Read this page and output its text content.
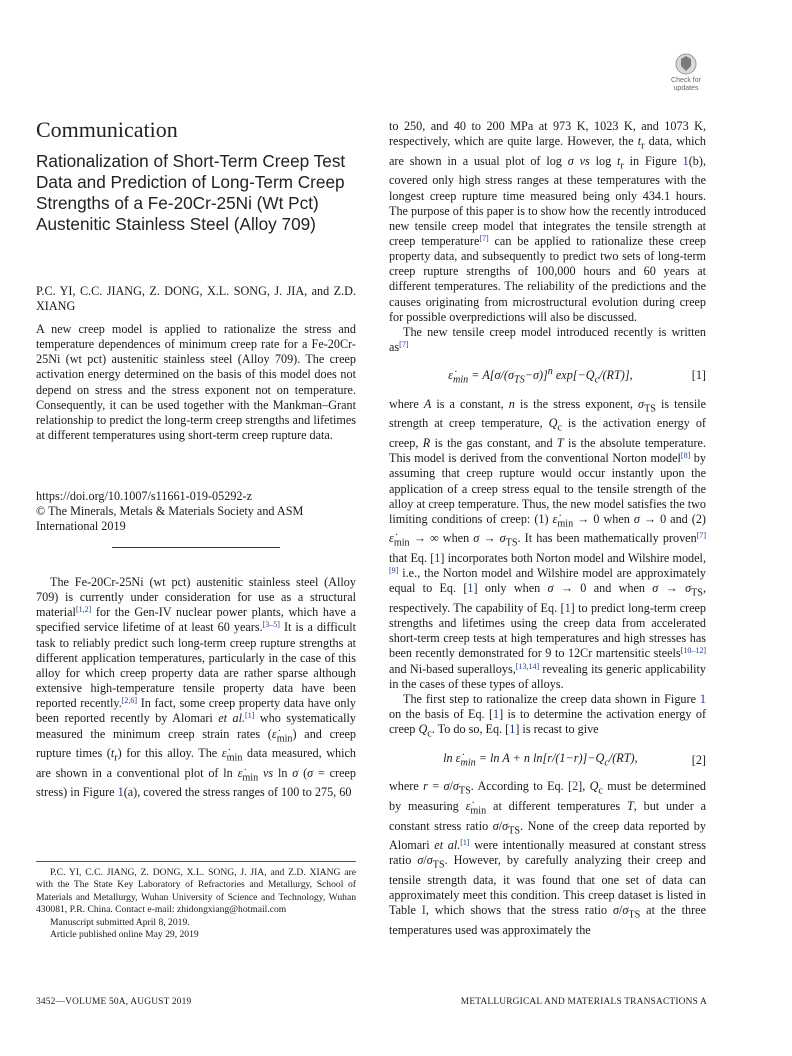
Check for
updates
Communication
Rationalization of Short-Term Creep Test Data and Prediction of Long-Term Creep Strengths of a Fe-20Cr-25Ni (Wt Pct) Austenitic Stainless Steel (Alloy 709)
P.C. YI, C.C. JIANG, Z. DONG, X.L. SONG, J. JIA, and Z.D. XIANG

A new creep model is applied to rationalize the stress and temperature dependences of minimum creep rate for a Fe-20Cr-25Ni (wt pct) austenitic stainless steel (Alloy 709). The creep activation energy determined on the basis of this model does not depend on stress and the stress exponent not on temperature. Consequently, it can be used together with the Mankman–Grant relationship to predict the long-term creep strengths and lifetimes at different temperatures using short-term creep rupture data.

https://doi.org/10.1007/s11661-019-05292-z
© The Minerals, Metals & Materials Society and ASM International 2019

The Fe-20Cr-25Ni (wt pct) austenitic stainless steel (Alloy 709) is currently under consideration for use as a structural material[1,2] for the Gen-IV nuclear power plants, which have a specified service lifetime of at least 60 years.[3–5] It is a difficult task to reliably predict such long-term creep rupture strengths at different application temperatures, particularly in the case of this alloy for which creep property data are rather sparse although extensive high-temperature tensile property data have been reported recently.[2,6] In fact, some creep property data have only been reported recently by Alomari et al.[1] who systematically measured the minimum creep strain rates $(\varepsiloṅ_{min})$ and creep rupture times $(t_r)$ for this alloy. The $\varepsiloṅ_{min}$ data measured, which are shown in a conventional plot of $\ln \varepsiloṅ_{min}$ vs ln σ (σ = creep stress) in Figure 1(a), covered the stress ranges of 100 to 275, 60

P.C. YI, C.C. JIANG, Z. DONG, X.L. SONG, J. JIA, and Z.D. XIANG are with the The State Key Laboratory of Refractories and Metallurgy, School of Materials and Metallurgy, Wuhan University of Science and Technology, Wuhan 430081, P.R. China. Contact e-mail: zhidongxiang@hotmail.com

Manuscript submitted April 8, 2019.

Article published online May 29, 2019

to 250, and 40 to 200 MPa at 973 K, 1023 K, and 1073 K, respectively, which are quite large. However, the $t_r$ data, which are shown in a usual plot of log σ vs $\log t_r$ in Figure 1(b), covered only high stress ranges at these temperatures with the longest creep rupture time measured being only 434.1 hours. The purpose of this paper is to show how the recently introduced new tensile creep model that integrates the tensile strength at creep temperature[7] can be applied to rationalize these creep property data, and subsequently to predict two sets of long-term creep rupture strengths of 100,000 hours and 60 years at different temperatures. The reliability of the predictions and the causes originating from microstructural evolution during creep for possible overpredictions will also be discussed.

The new tensile creep model introduced recently is written as[7]

$\varepsiloṅ_{min} = A[\sigma/(\sigma_{TS}-\sigma)]^n$ $\exp[-Q_c/(RT)]$,	[1]

where A is a constant, n is the stress exponent, $\sigma_{TS}$ is tensile strength at creep temperature, $Q_c$ is the activation energy of creep, R is the gas constant, and T is the absolute temperature. This model is derived from the conventional Norton model[8] by assuming that creep rupture would occur instantly upon the application of a creep stress equal to the tensile strength of the alloy at creep temperature. Thus, the new model satisfies the two limiting conditions of creep: (1) $\varepsiloṅ_{min} \to 0$ when σ → 0 and (2) $\varepsiloṅ_{min}$ → ∞ when $\sigma \to \sigma_{TS}$. It has been mathematically proven[7] that Eq. [1] incorporates both Norton model and Wilshire model,[9] i.e., the Norton model and Wilshire model are approximately equal to Eq. [1] only when σ → 0 and when $\sigma \to \sigma_{TS}$, respectively. The capability of Eq. [1] to predict long-term creep strengths and lifetimes using the creep data from accelerated short-term creep tests at high temperatures and high stresses has been recently demonstrated for 9 to 12Cr martensitic steels[10–12] and Ni-based superalloys,[13,14] revealing its generic applicability in the cases of these types of alloys.

The first step to rationalize the creep data shown in Figure 1 on the basis of Eq. [1] is to determine the activation energy of creep $Q_c$. To do so, Eq. [1] is recast to give

$\ln \varepsiloṅ_{min} = \ln A + n$ $\ln[r/(1-r)]-Q_c/(RT)$,	[2]

where $r = \sigma/\sigma_{TS}$. According to Eq. [2], $Q_c$ must be determined by measuring $\varepsiloṅ_{min}$ at different temperatures T, but under a constant stress ratio $\sigma/\sigma_{TS}$. None of the creep data reported by Alomari et al.[1] were intentionally measured at constant stress ratio $\sigma/\sigma_{TS}$. However, by carefully analyzing their creep and tensile strength data, it was found that one set of data can approximately meet this condition. This creep dataset is listed in Table I, which shows that the stress ratio $\sigma/\sigma_{TS}$ at the three temperatures used was approximately the

3452—VOLUME 50A, AUGUST 2019	METALLURGICAL AND MATERIALS TRANSACTIONS A
